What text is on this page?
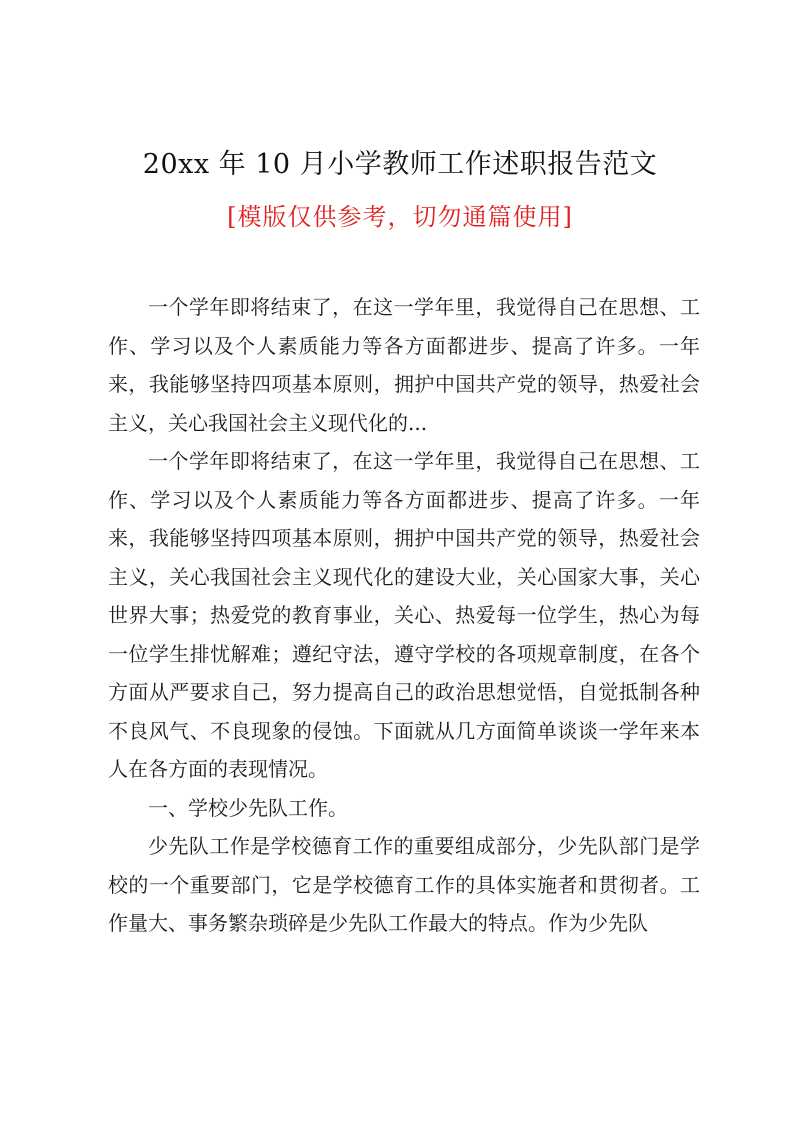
20xx 年 10 月小学教师工作述职报告范文
[模版仅供参考，切勿通篇使用]

一个学年即将结束了，在这一学年里，我觉得自己在思想、工作、学习以及个人素质能力等各方面都进步、提高了许多。一年来，我能够坚持四项基本原则，拥护中国共产党的领导，热爱社会主义，关心我国社会主义现代化的...

一个学年即将结束了，在这一学年里，我觉得自己在思想、工作、学习以及个人素质能力等各方面都进步、提高了许多。一年来，我能够坚持四项基本原则，拥护中国共产党的领导，热爱社会主义，关心我国社会主义现代化的建设大业，关心国家大事，关心世界大事；热爱党的教育事业，关心、热爱每一位学生，热心为每一位学生排忧解难；遵纪守法，遵守学校的各项规章制度，在各个方面从严要求自己，努力提高自己的政治思想觉悟，自觉抵制各种不良风气、不良现象的侵蚀。下面就从几方面简单谈谈一学年来本人在各方面的表现情况。

一、学校少先队工作。

少先队工作是学校德育工作的重要组成部分，少先队部门是学校的一个重要部门，它是学校德育工作的具体实施者和贯彻者。工作量大、事务繁杂琐碎是少先队工作最大的特点。作为少先队
